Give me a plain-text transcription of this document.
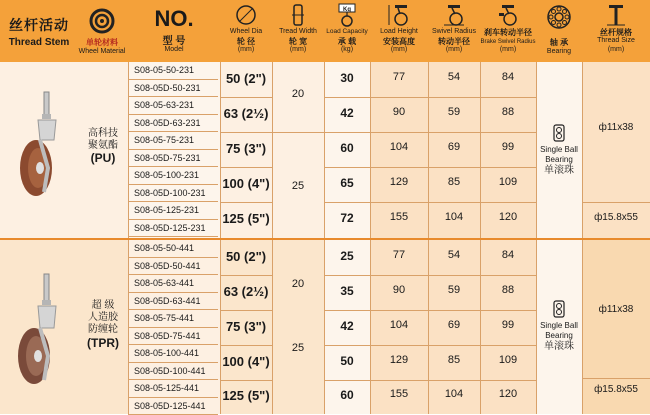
丝杆活动
Thread Stem	单轮材料
Wheel Material
NO.
型 号
Model
Wheel Dia
轮 径
(mm)
Tread Width
轮 宽
(mm)
Kg
Load Capacity
承 载
(kg)
Load Height
安装高度
(mm)
Swivel Radius
转动半径
(mm)
刹车转动半径
Brake Swivel Radius
(mm)
轴 承
Bearing
丝杆规格
Thread Size
(mm)
高科技
聚氨酯
(PU)
S08-05-50-231
S08-05D-50-231
S08-05-63-231
S08-05D-63-231
S08-05-75-231
S08-05D-75-231
S08-05-100-231
S08-05D-100-231
S08-05-125-231
S08-05D-125-231
50 (2")
63 (2½)
75 (3")
100 (4")
125 (5")
20
25
30
42
60
65
72
77
90
104
129
155
54
59
69
85
104
84
88
99
109
120
Single Ball
Bearing
单滚珠
ф11x38
ф15.8x55
超 级
人造胶
防缠轮
(TPR)
S08-05-50-441
S08-05D-50-441
S08-05-63-441
S08-05D-63-441
S08-05-75-441
S08-05D-75-441
S08-05-100-441
S08-05D-100-441
S08-05-125-441
S08-05D-125-441
50 (2")
63 (2½)
75 (3")
100 (4")
125 (5")
20
25
25
35
42
50
60
77
90
104
129
155
54
59
69
85
104
84
88
99
109
120
Single Ball
Bearing
单滚珠
ф11x38
ф15.8x55
